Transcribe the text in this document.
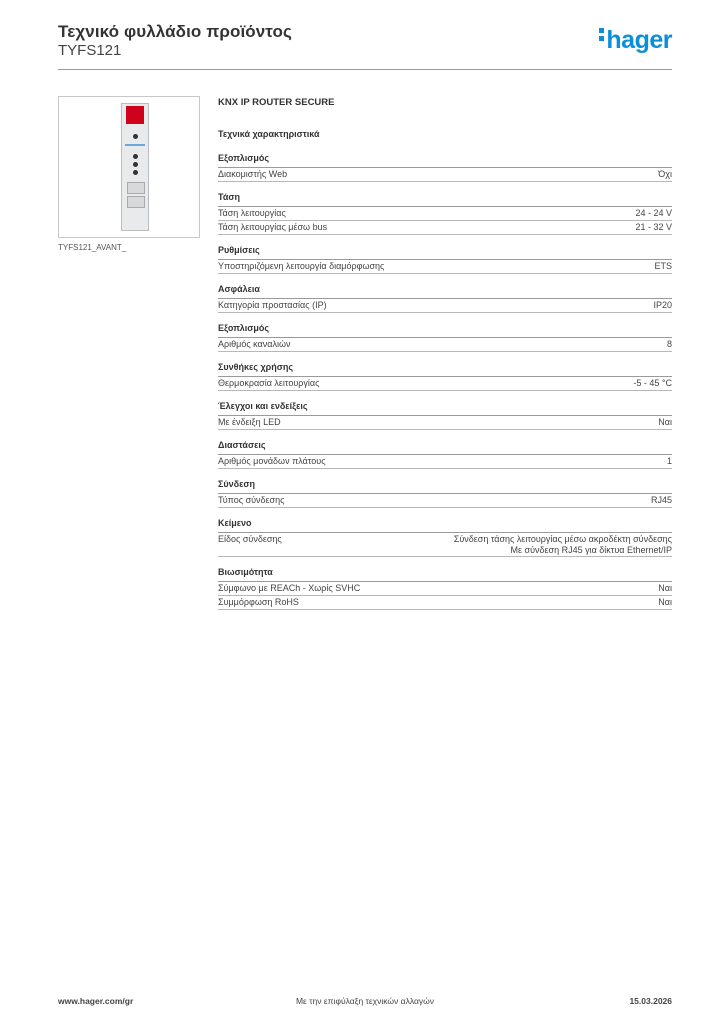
Τεχνικό φυλλάδιο προϊόντος
TYFS121	hager
TYFS121_AVANT_
KNX IP ROUTER SECURE
Τεχνικά χαρακτηριστικά
Εξοπλισμός
Διακομιστής Web	Όχι
Τάση
Τάση λειτουργίας	24 - 24 V
Τάση λειτουργίας μέσω bus	21 - 32 V
Ρυθμίσεις
Υποστηριζόμενη λειτουργία διαμόρφωσης	ETS
Ασφάλεια
Κατηγορία προστασίας (IP)	IP20
Εξοπλισμός
Αριθμός καναλιών	8
Συνθήκες χρήσης
Θερμοκρασία λειτουργίας	-5 - 45 °C
Έλεγχοι και ενδείξεις
Με ένδειξη LED	Ναι
Διαστάσεις
Αριθμός μονάδων πλάτους	1
Σύνδεση
Τύπος σύνδεσης	RJ45
Κείμενο
Είδος σύνδεσης	Σύνδεση τάσης λειτουργίας μέσω ακροδέκτη σύνδεσης
Με σύνδεση RJ45 για δίκτυα Ethernet/IP
Βιωσιμότητα
Σύμφωνο με REACh - Χωρίς SVHC	Ναι
Συμμόρφωση RoHS	Ναι
www.hager.com/gr	Με την επιφύλαξη τεχνικών αλλαγών	15.03.2026
